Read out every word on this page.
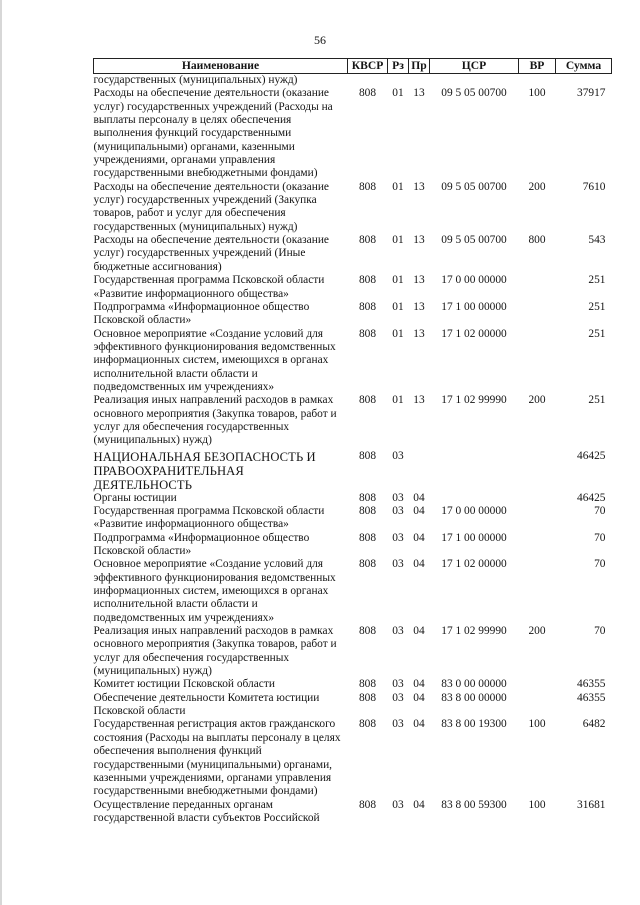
56
Наименование	КВСР	Рз	Пр	ЦСР	ВР	Сумма
государственных (муниципальных) нужд)						
Расходы на обеспечение деятельности (оказание услуг) государственных учреждений (Расходы на выплаты персоналу в целях обеспечения выполнения функций государственными (муниципальными) органами, казенными учреждениями, органами управления государственными внебюджетными фондами)	808	01	13	09 5 05 00700	100	37917
Расходы на обеспечение деятельности (оказание услуг) государственных учреждений (Закупка товаров, работ и услуг для обеспечения государственных (муниципальных) нужд)	808	01	13	09 5 05 00700	200	7610
Расходы на обеспечение деятельности (оказание услуг) государственных учреждений (Иные бюджетные ассигнования)	808	01	13	09 5 05 00700	800	543
Государственная программа Псковской области «Развитие информационного общества»	808	01	13	17 0 00 00000		251
Подпрограмма «Информационное общество Псковской области»	808	01	13	17 1 00 00000		251
Основное мероприятие «Создание условий для эффективного функционирования ведомственных информационных систем, имеющихся в органах исполнительной власти области и подведомственных им учреждениях»	808	01	13	17 1 02 00000		251
Реализация иных направлений расходов в рамках основного мероприятия (Закупка товаров, работ и услуг для обеспечения государственных (муниципальных) нужд)	808	01	13	17 1 02 99990	200	251
НАЦИОНАЛЬНАЯ БЕЗОПАСНОСТЬ И ПРАВООХРАНИТЕЛЬНАЯ ДЕЯТЕЛЬНОСТЬ	808	03				46425
Органы юстиции	808	03	04			46425
Государственная программа Псковской области «Развитие информационного общества»	808	03	04	17 0 00 00000		70
Подпрограмма «Информационное общество Псковской области»	808	03	04	17 1 00 00000		70
Основное мероприятие «Создание условий для эффективного функционирования ведомственных информационных систем, имеющихся в органах исполнительной власти области и подведомственных им учреждениях»	808	03	04	17 1 02 00000		70
Реализация иных направлений расходов в рамках основного мероприятия (Закупка товаров, работ и услуг для обеспечения государственных (муниципальных) нужд)	808	03	04	17 1 02 99990	200	70
Комитет юстиции Псковской области	808	03	04	83 0 00 00000		46355
Обеспечение деятельности Комитета юстиции Псковской области	808	03	04	83 8 00 00000		46355
Государственная регистрация актов гражданского состояния (Расходы на выплаты персоналу в целях обеспечения выполнения функций государственными (муниципальными) органами, казенными учреждениями, органами управления государственными внебюджетными фондами)	808	03	04	83 8 00 19300	100	6482
Осуществление переданных органам государственной власти субъектов Российской	808	03	04	83 8 00 59300	100	31681
